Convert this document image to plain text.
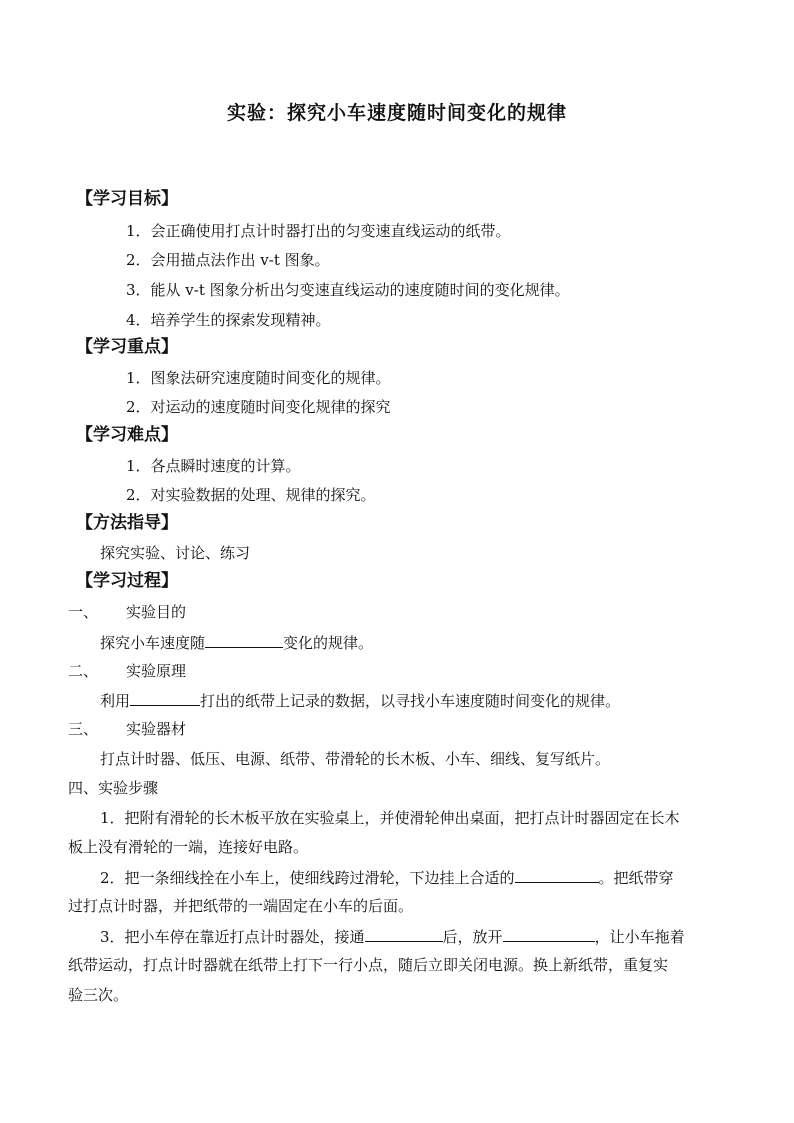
实验：探究小车速度随时间变化的规律
【学习目标】
1．会正确使用打点计时器打出的匀变速直线运动的纸带。
2．会用描点法作出 v-t 图象。
3．能从 v-t 图象分析出匀变速直线运动的速度随时间的变化规律。
4．培养学生的探索发现精神。
【学习重点】
1．图象法研究速度随时间变化的规律。
2．对运动的速度随时间变化规律的探究
【学习难点】
1．各点瞬时速度的计算。
2．对实验数据的处理、规律的探究。
【方法指导】
探究实验、讨论、练习
【学习过程】
一、 实验目的
探究小车速度随	变化的规律。
二、 实验原理
利用	打出的纸带上记录的数据，以寻找小车速度随时间变化的规律。
三、 实验器材
打点计时器、低压、电源、纸带、带滑轮的长木板、小车、细线、复写纸片。
四、实验步骤
1．把附有滑轮的长木板平放在实验桌上，并使滑轮伸出桌面，把打点计时器固定在长木
板上没有滑轮的一端，连接好电路。
2．把一条细线拴在小车上，使细线跨过滑轮，下边挂上合适的	。把纸带穿
过打点计时器，并把纸带的一端固定在小车的后面。
3．把小车停在靠近打点计时器处，接通	后，放开	，让小车拖着
纸带运动，打点计时器就在纸带上打下一行小点，随后立即关闭电源。换上新纸带，重复实
验三次。
